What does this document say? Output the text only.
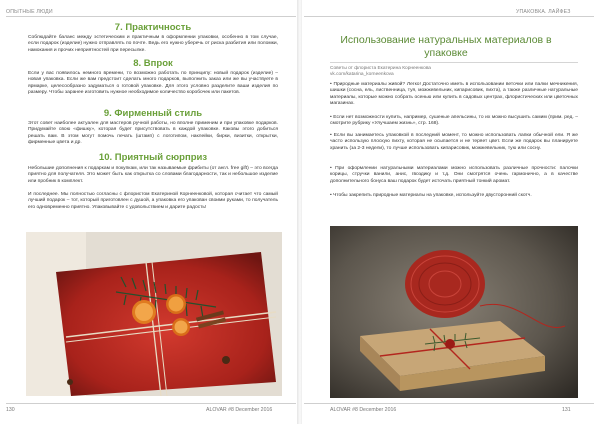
ОПЫТНЫЕ ЛЮДИ
7. Практичность
Соблюдайте баланс между эстетическим и практичным в оформлении упаковки, особенно в том случае, если подарок (изделие) нужно отправлять по почте. Ведь его нужно уберечь от риска разбития или поломки, намокания и прочих неприятностей при пересылке.
8. Впрок
Если у вас появилось немного времени, то возможно работать по принципу: новый подарок (изделие) – новая упаковка. Если же вам предстоит сделать много подарков, выполнить заказ или же вы участвуете в ярмарке, целесообразно задуматься о готовой упаковке. Для этого условно разделите ваши изделия по размеру. Чтобы заранее изготовить нужное необходимое количество коробочек или пакетов.
9. Фирменный стиль
Этот совет наиболее актуален для мастеров ручной работы, но вполне применим и при упаковке подарков. Придумайте свою «фишку», которая будет присутствовать в каждой упаковке. Каковы этого добиться решать вам. В этом могут помочь печать (штамп) с логотипом, наклейки, бирки, визитки, открытки, фирменные цвета и др.
10. Приятный сюрприз
Небольшие дополнения к подаркам и покупкам, или так называемые фрибиты (от англ. free gift) – это всегда приятно для получателя. Это может быть как открытка со словами благодарности, так и небольшое изделие или пробник в комплект.
И последнее. Мы полностью согласны с флористом Екатериной Корнеенковой, которая считает что самый лучший подарок – тот, который приготовлен с душой, а упаковка его упакован своими руками, то получатель его одновременно приятно. Упаковывайте с удовольствием и дарите радость!
130	ALOVAR #8 December 2016
УПАКОВКА. ЛАЙФЕЗ
Использование натуральных материалов в упаковке
Советы от флориста Екатерина Корнеенкова
vk.com/katarina_korneenkova
• Природные материалы живой? Легко! Достаточно иметь в использовании веточки или палки мечникения, шишки (сосна, ель, лиственница, туя, можжевельник, кипарисовик, пихта), а также различные натуральные материалы, которые можно собрать осенью или купить в садовых центрах, флористических или цветочных магазинах.
• Если нет возможности купить, например, сушеные апельсины, то их можно высушить самим (прим. ред. – смотрите рубрику «Улучшаем жизнь», стр. 168).
• Если вы занимаетесь упаковкой в последний момент, то можно использовать лапки обычной ели. Я же часто использую плоскую пихту, которая не осыпается и не теряет цвет. Если же подарок вы планируете хранить (за 2-3 недели), то лучше использовать кипарисовик, можжевельник, тую или сосну.
• При оформлении натуральными материалами можно использовать различные прочности: палочки корицы, стручки ванили, анис, гвоздику и т.д. Они смотрятся очень гармонично, а в качестве дополнительного бонуса ваш подарок будет источать приятный тонкий аромат.
• Чтобы закрепить природные материалы на упаковке, используйте двусторонний скотч.
ALOVAR #8 December 2016	131
